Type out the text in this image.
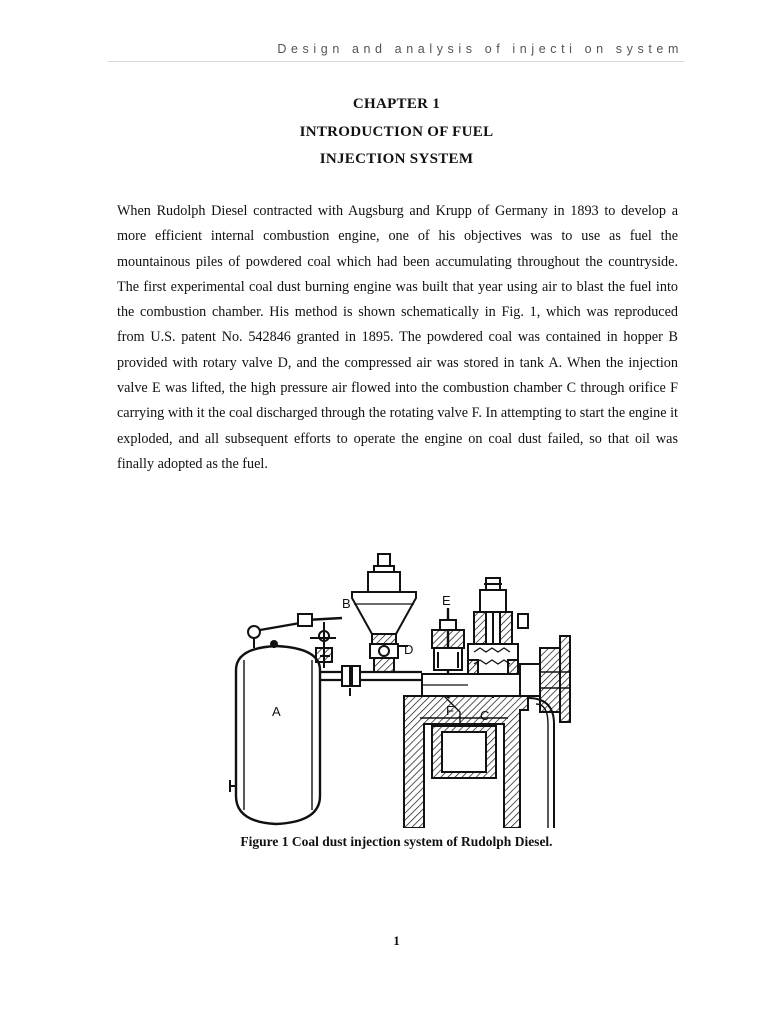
Design and analysis of injecti on system
CHAPTER 1
INTRODUCTION OF FUEL
INJECTION SYSTEM

When Rudolph Diesel contracted with Augsburg and Krupp of Germany in 1893 to develop a more efficient internal combustion engine, one of his objectives was to use as fuel the mountainous piles of powdered coal which had been accumulating throughout the countryside. The first experimental coal dust burning engine was built that year using air to blast the fuel into the combustion chamber. His method is shown schematically in Fig. 1, which was reproduced from U.S. patent No. 542846 granted in 1895. The powdered coal was contained in hopper B provided with rotary valve D, and the compressed air was stored in tank A. When the injection valve E was lifted, the high pressure air flowed into the combustion chamber C through orifice F carrying with it the coal discharged through the rotating valve F. In attempting to start the engine it exploded, and all subsequent efforts to operate the engine on coal dust failed, so that oil was finally adopted as the fuel.

A
B	E
D
F C
Figure 1 Coal dust injection system of Rudolph Diesel.
1
